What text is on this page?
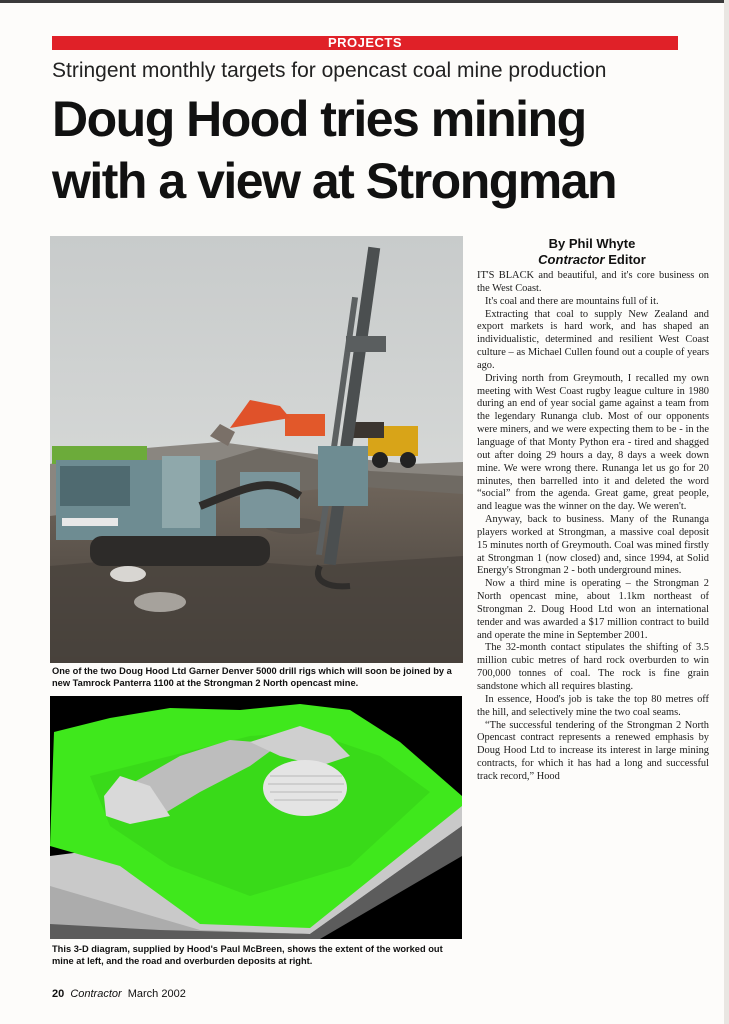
PROJECTS
Stringent monthly targets for opencast coal mine production
Doug Hood tries mining
with a view at Strongman
One of the two Doug Hood Ltd Garner Denver 5000 drill rigs which will soon be joined by a new Tamrock Panterra 1100 at the Strongman 2 North opencast mine.
This 3-D diagram, supplied by Hood's Paul McBreen, shows the extent of the worked out mine at left, and the road and overburden deposits at right.
By Phil Whyte
Contractor Editor

IT'S BLACK and beautiful, and it's core business on the West Coast.

It's coal and there are mountains full of it.

Extracting that coal to supply New Zealand and export markets is hard work, and has shaped an individualistic, determined and resilient West Coast culture – as Michael Cullen found out a couple of years ago.

Driving north from Greymouth, I recalled my own meeting with West Coast rugby league culture in 1980 during an end of year social game against a team from the legendary Runanga club. Most of our opponents were miners, and we were expecting them to be - in the language of that Monty Python era - tired and shagged out after doing 29 hours a day, 8 days a week down mine. We were wrong there. Runanga let us go for 20 minutes, then barrelled into it and deleted the word “social” from the agenda. Great game, great people, and league was the winner on the day. We weren't.

Anyway, back to business. Many of the Runanga players worked at Strongman, a massive coal deposit 15 minutes north of Greymouth. Coal was mined firstly at Strongman 1 (now closed) and, since 1994, at Solid Energy's Strongman 2 - both underground mines.

Now a third mine is operating – the Strongman 2 North opencast mine, about 1.1km northeast of Strongman 2. Doug Hood Ltd won an international tender and was awarded a $17 million contract to build and operate the mine in September 2001.

The 32-month contact stipulates the shifting of 3.5 million cubic metres of hard rock overburden to win 700,000 tonnes of coal. The rock is fine grain sandstone which all requires blasting.

In essence, Hood's job is take the top 80 metres off the hill, and selectively mine the two coal seams.

“The successful tendering of the Strongman 2 North Opencast contract represents a renewed emphasis by Doug Hood Ltd to increase its interest in large mining contracts, for which it has had a long and successful track record,” Hood

20 Contractor March 2002
